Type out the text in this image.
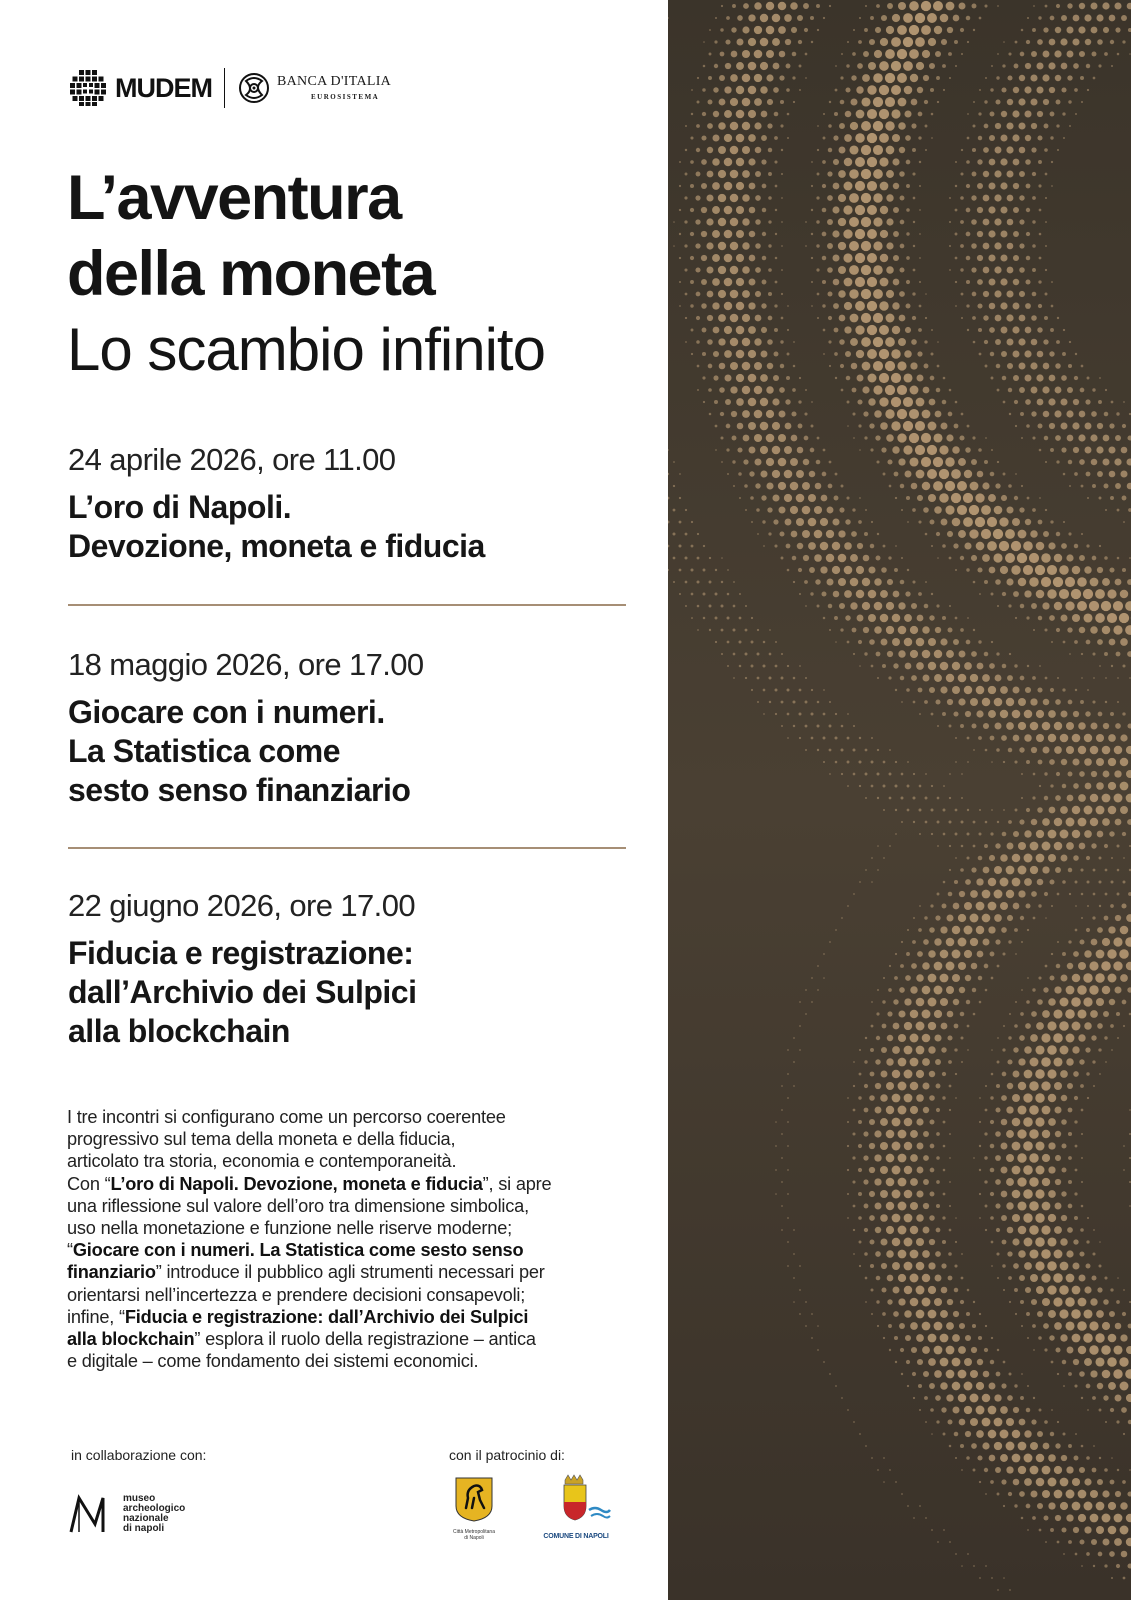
MUDEM	BANCA D'ITALIA
EUROSISTEMA
L’avventura
della moneta
Lo scambio infinito
24 aprile 2026, ore 11.00
L’oro di Napoli.
Devozione, moneta e fiducia
18 maggio 2026, ore 17.00
Giocare con i numeri.
La Statistica come
sesto senso finanziario
22 giugno 2026, ore 17.00
Fiducia e registrazione:
dall’Archivio dei Sulpici
alla blockchain
I tre incontri si configurano come un percorso coerentee
progressivo sul tema della moneta e della fiducia,
articolato tra storia, economia e contemporaneità.
Con “L’oro di Napoli. Devozione, moneta e fiducia”, si apre
una riflessione sul valore dell’oro tra dimensione simbolica,
uso nella monetazione e funzione nelle riserve moderne;
“Giocare con i numeri. La Statistica come sesto senso
finanziario” introduce il pubblico agli strumenti necessari per
orientarsi nell’incertezza e prendere decisioni consapevoli;
infine, “Fiducia e registrazione: dall’Archivio dei Sulpici
alla blockchain” esplora il ruolo della registrazione – antica
e digitale – come fondamento dei sistemi economici.
in collaborazione con:	con il patrocinio di:
museo
archeologico
nazionale
di napoli	Città Metropolitana
di Napoli	COMUNE DI NAPOLI
